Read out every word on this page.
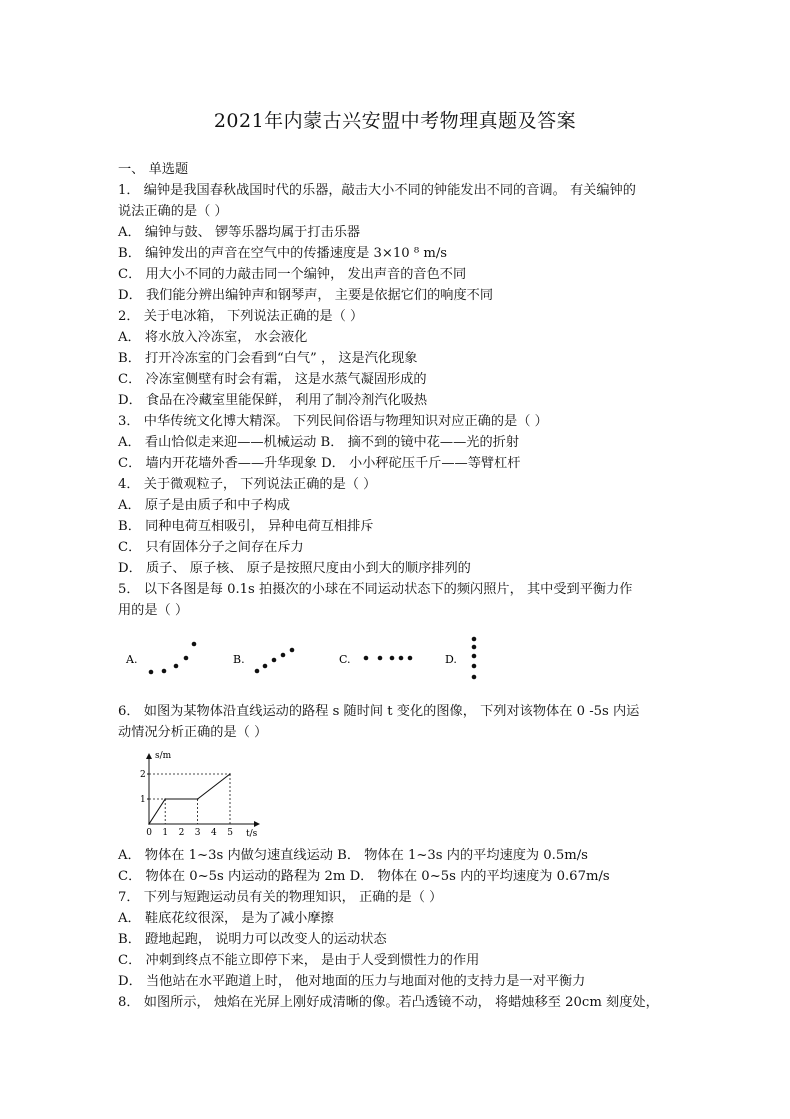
2021年内蒙古兴安盟中考物理真题及答案
一、 单选题
1． 编钟是我国春秋战国时代的乐器，敲击大小不同的钟能发出不同的音调。 有关编钟的
说法正确的是（ ）
A． 编钟与鼓、 锣等乐器均属于打击乐器
B． 编钟发出的声音在空气中的传播速度是 3×10 ⁸ m/s
C． 用大小不同的力敲击同一个编钟， 发出声音的音色不同
D． 我们能分辨出编钟声和钢琴声， 主要是依据它们的响度不同
2． 关于电冰箱， 下列说法正确的是（ ）
A． 将水放入冷冻室， 水会液化
B． 打开冷冻室的门会看到“白气” ， 这是汽化现象
C． 冷冻室侧壁有时会有霜， 这是水蒸气凝固形成的
D． 食品在冷藏室里能保鲜， 利用了制冷剂汽化吸热
3． 中华传统文化博大精深。 下列民间俗语与物理知识对应正确的是（ ）
A． 看山恰似走来迎——机械运动 B． 摘不到的镜中花——光的折射
C． 墙内开花墙外香——升华现象 D． 小小秤砣压千斤——等臂杠杆
4． 关于微观粒子， 下列说法正确的是（ ）
A． 原子是由质子和中子构成
B． 同种电荷互相吸引， 异种电荷互相排斥
C． 只有固体分子之间存在斥力
D． 质子、 原子核、 原子是按照尺度由小到大的顺序排列的
5． 以下各图是每 0.1s 拍摄次的小球在不同运动状态下的频闪照片， 其中受到平衡力作
用的是（ ）
A.	B.	C.	D.
6． 如图为某物体沿直线运动的路程 s 随时间 t 变化的图像， 下列对该物体在 0 -5s 内运
动情况分析正确的是（ ）
s/m
t/s
0 1 2 3 4 5
2
1
A． 物体在 1~3s 内做匀速直线运动 B． 物体在 1~3s 内的平均速度为 0.5m/s
C． 物体在 0~5s 内运动的路程为 2m D． 物体在 0~5s 内的平均速度为 0.67m/s
7． 下列与短跑运动员有关的物理知识， 正确的是（ ）
A． 鞋底花纹很深， 是为了减小摩擦
B． 蹬地起跑， 说明力可以改变人的运动状态
C． 冲刺到终点不能立即停下来， 是由于人受到惯性力的作用
D． 当他站在水平跑道上时， 他对地面的压力与地面对他的支持力是一对平衡力
8． 如图所示， 烛焰在光屏上刚好成清晰的像。若凸透镜不动， 将蜡烛移至 20cm 刻度处，
